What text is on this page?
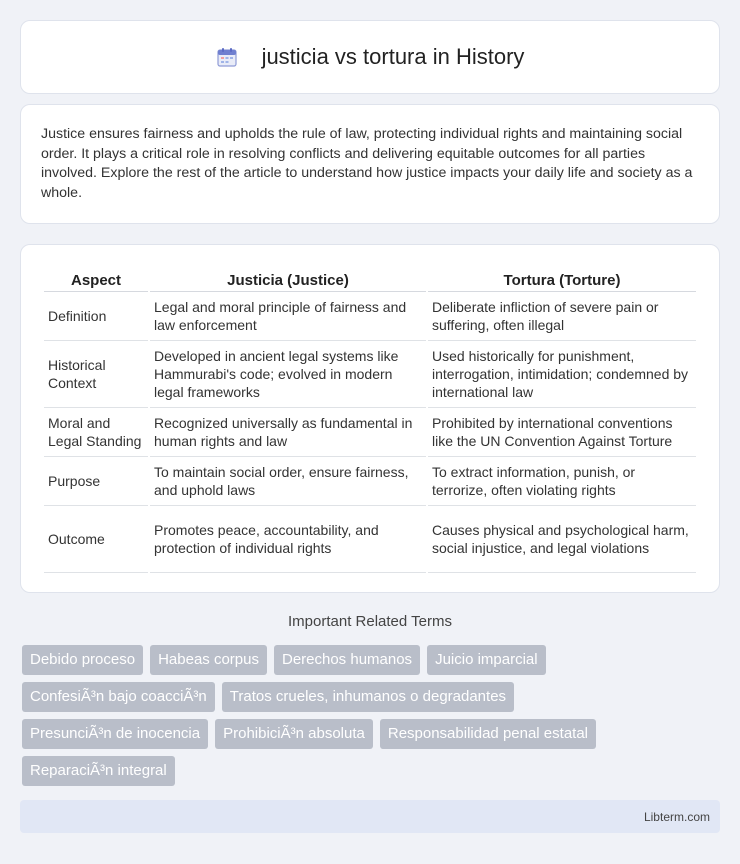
justicia vs tortura in History

Justice ensures fairness and upholds the rule of law, protecting individual rights and maintaining social order. It plays a critical role in resolving conflicts and delivering equitable outcomes for all parties involved. Explore the rest of the article to understand how justice impacts your daily life and society as a whole.

Aspect	Justicia (Justice)	Tortura (Torture)
Definition	Legal and moral principle of fairness and law enforcement	Deliberate infliction of severe pain or suffering, often illegal
Historical Context	Developed in ancient legal systems like Hammurabi's code; evolved in modern legal frameworks	Used historically for punishment, interrogation, intimidation; condemned by international law
Moral and Legal Standing	Recognized universally as fundamental in human rights and law	Prohibited by international conventions like the UN Convention Against Torture
Purpose	To maintain social order, ensure fairness, and uphold laws	To extract information, punish, or terrorize, often violating rights
Outcome	Promotes peace, accountability, and protection of individual rights	Causes physical and psychological harm, social injustice, and legal violations
Important Related Terms
Debido proceso	Habeas corpus	Derechos humanos	Juicio imparcial
ConfesiÃ³n bajo coacciÃ³n	Tratos crueles, inhumanos o degradantes
PresunciÃ³n de inocencia	ProhibiciÃ³n absoluta	Responsabilidad penal estatal
ReparaciÃ³n integral
Libterm.com
